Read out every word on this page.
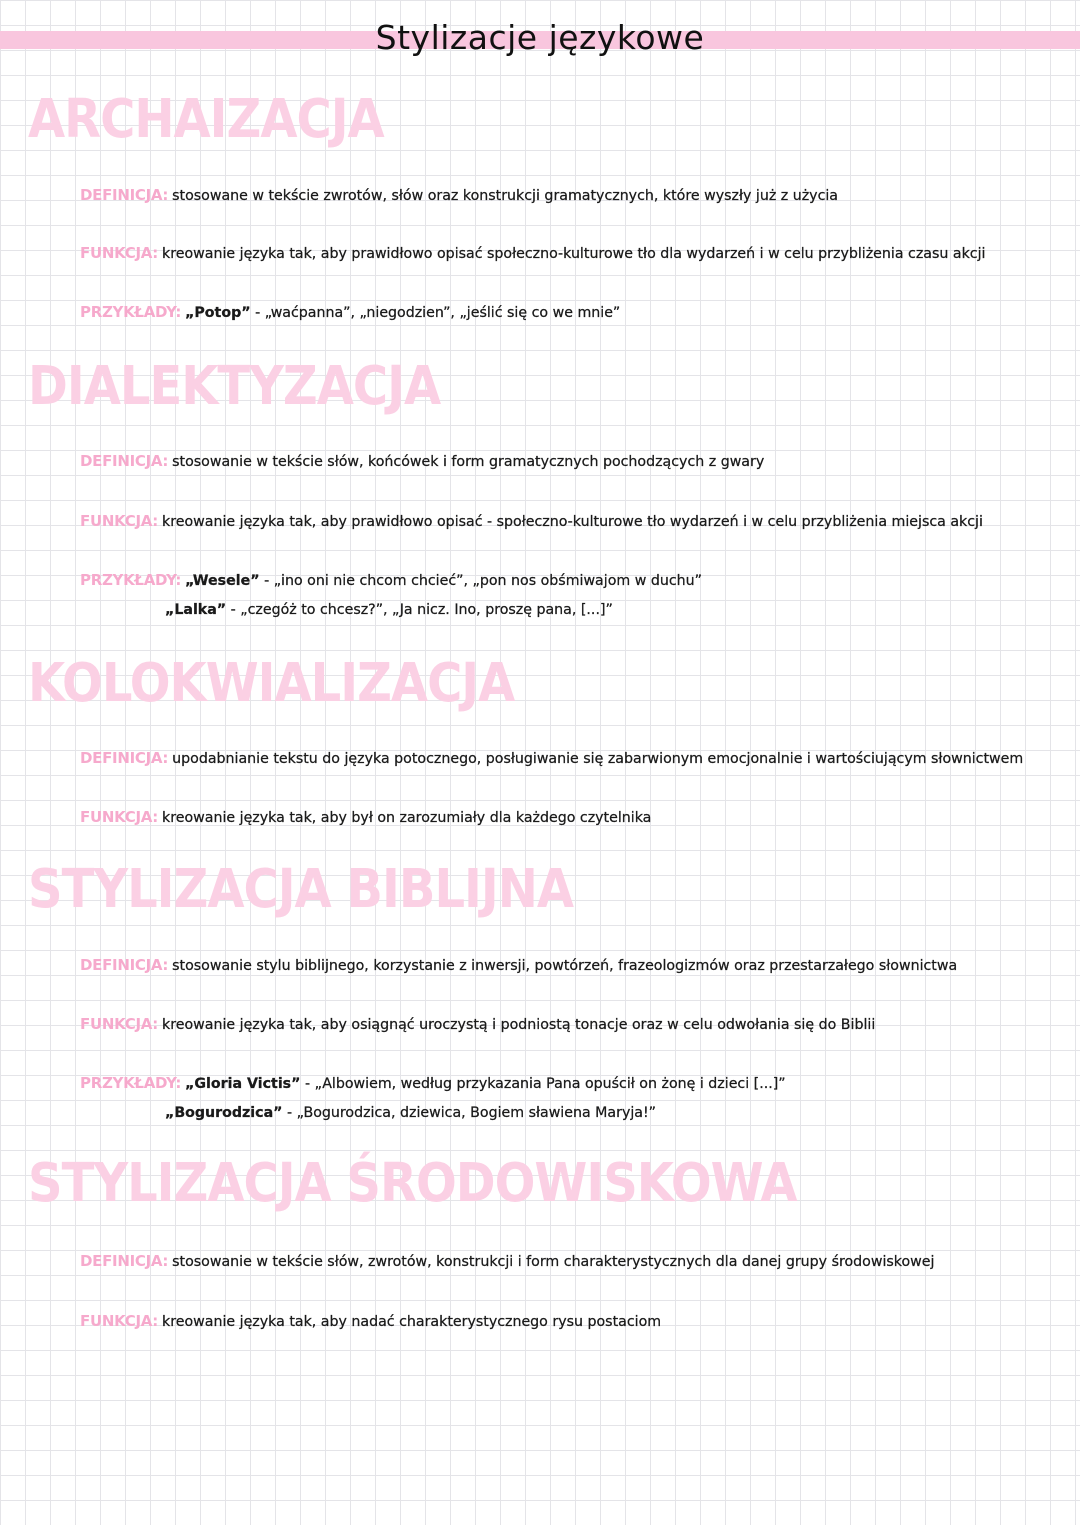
Stylizacje językowe
ARCHAIZACJA
DEFINICJA: stosowane w tekście zwrotów, słów oraz konstrukcji gramatycznych, które wyszły już z użycia
FUNKCJA: kreowanie języka tak, aby prawidłowo opisać społeczno-kulturowe tło dla wydarzeń i w celu przybliżenia czasu akcji
PRZYKŁADY: „Potop” - „waćpanna”, „niegodzien”, „jeślić się co we mnie”
DIALEKTYZACJA
DEFINICJA: stosowanie w tekście słów, końcówek i form gramatycznych pochodzących z gwary
FUNKCJA: kreowanie języka tak, aby prawidłowo opisać - społeczno-kulturowe tło wydarzeń i w celu przybliżenia miejsca akcji
PRZYKŁADY: „Wesele” - „ino oni nie chcom chcieć”, „pon nos obśmiwajom w duchu”
„Lalka” - „czegóż to chcesz?”, „Ja nicz. Ino, proszę pana, [...]”
KOLOKWIALIZACJA
DEFINICJA: upodabnianie tekstu do języka potocznego, posługiwanie się zabarwionym emocjonalnie i wartościującym słownictwem
FUNKCJA: kreowanie języka tak, aby był on zarozumiały dla każdego czytelnika
STYLIZACJA BIBLIJNA
DEFINICJA: stosowanie stylu biblijnego, korzystanie z inwersji, powtórzeń, frazeologizmów oraz przestarzałego słownictwa
FUNKCJA: kreowanie języka tak, aby osiągnąć uroczystą i podniostą tonacje oraz w celu odwołania się do Biblii
PRZYKŁADY: „Gloria Victis” - „Albowiem, według przykazania Pana opuścił on żonę i dzieci [...]”
„Bogurodzica” - „Bogurodzica, dziewica, Bogiem sławiena Maryja!”
STYLIZACJA ŚRODOWISKOWA
DEFINICJA: stosowanie w tekście słów, zwrotów, konstrukcji i form charakterystycznych dla danej grupy środowiskowej
FUNKCJA: kreowanie języka tak, aby nadać charakterystycznego rysu postaciom
